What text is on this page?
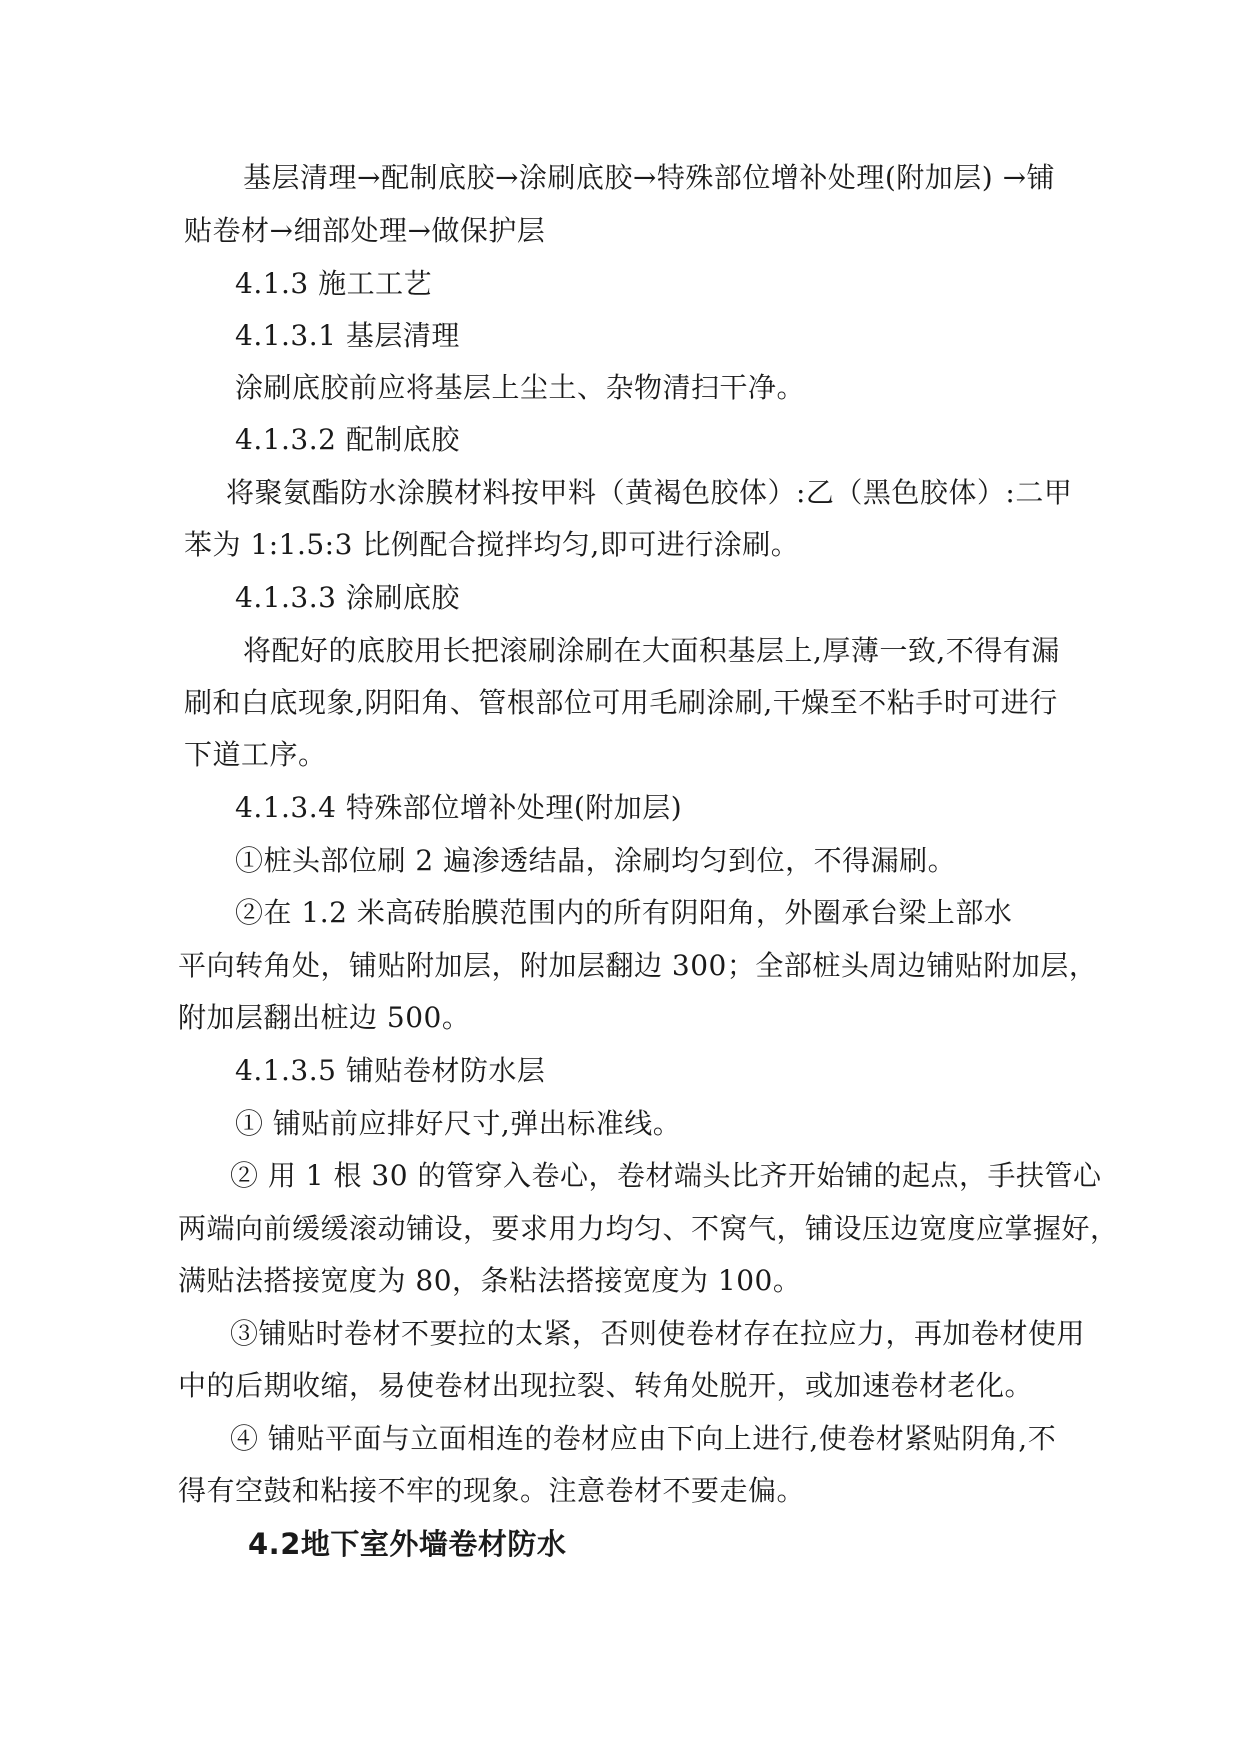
基层清理→配制底胶→涂刷底胶→特殊部位增补处理(附加层) →铺
贴卷材→细部处理→做保护层
4.1.3 施工工艺
4.1.3.1 基层清理
涂刷底胶前应将基层上尘土、杂物清扫干净。
4.1.3.2 配制底胶
将聚氨酯防水涂膜材料按甲料（黄褐色胶体）:乙（黑色胶体）:二甲
苯为 1:1.5:3 比例配合搅拌均匀,即可进行涂刷。
4.1.3.3 涂刷底胶
将配好的底胶用长把滚刷涂刷在大面积基层上,厚薄一致,不得有漏
刷和白底现象,阴阳角、管根部位可用毛刷涂刷,干燥至不粘手时可进行
下道工序。
4.1.3.4 特殊部位增补处理(附加层)
①桩头部位刷 2 遍渗透结晶，涂刷均匀到位，不得漏刷。
②在 1.2 米高砖胎膜范围内的所有阴阳角，外圈承台梁上部水
平向转角处，铺贴附加层，附加层翻边 300；全部桩头周边铺贴附加层，
附加层翻出桩边 500。
4.1.3.5 铺贴卷材防水层
① 铺贴前应排好尺寸,弹出标准线。
② 用 1 根 30 的管穿入卷心，卷材端头比齐开始铺的起点，手扶管心
两端向前缓缓滚动铺设，要求用力均匀、不窝气，铺设压边宽度应掌握好，
满贴法搭接宽度为 80，条粘法搭接宽度为 100。
③铺贴时卷材不要拉的太紧，否则使卷材存在拉应力，再加卷材使用
中的后期收缩，易使卷材出现拉裂、转角处脱开，或加速卷材老化。
④ 铺贴平面与立面相连的卷材应由下向上进行,使卷材紧贴阴角,不
得有空鼓和粘接不牢的现象。注意卷材不要走偏。
4.2地下室外墙卷材防水
